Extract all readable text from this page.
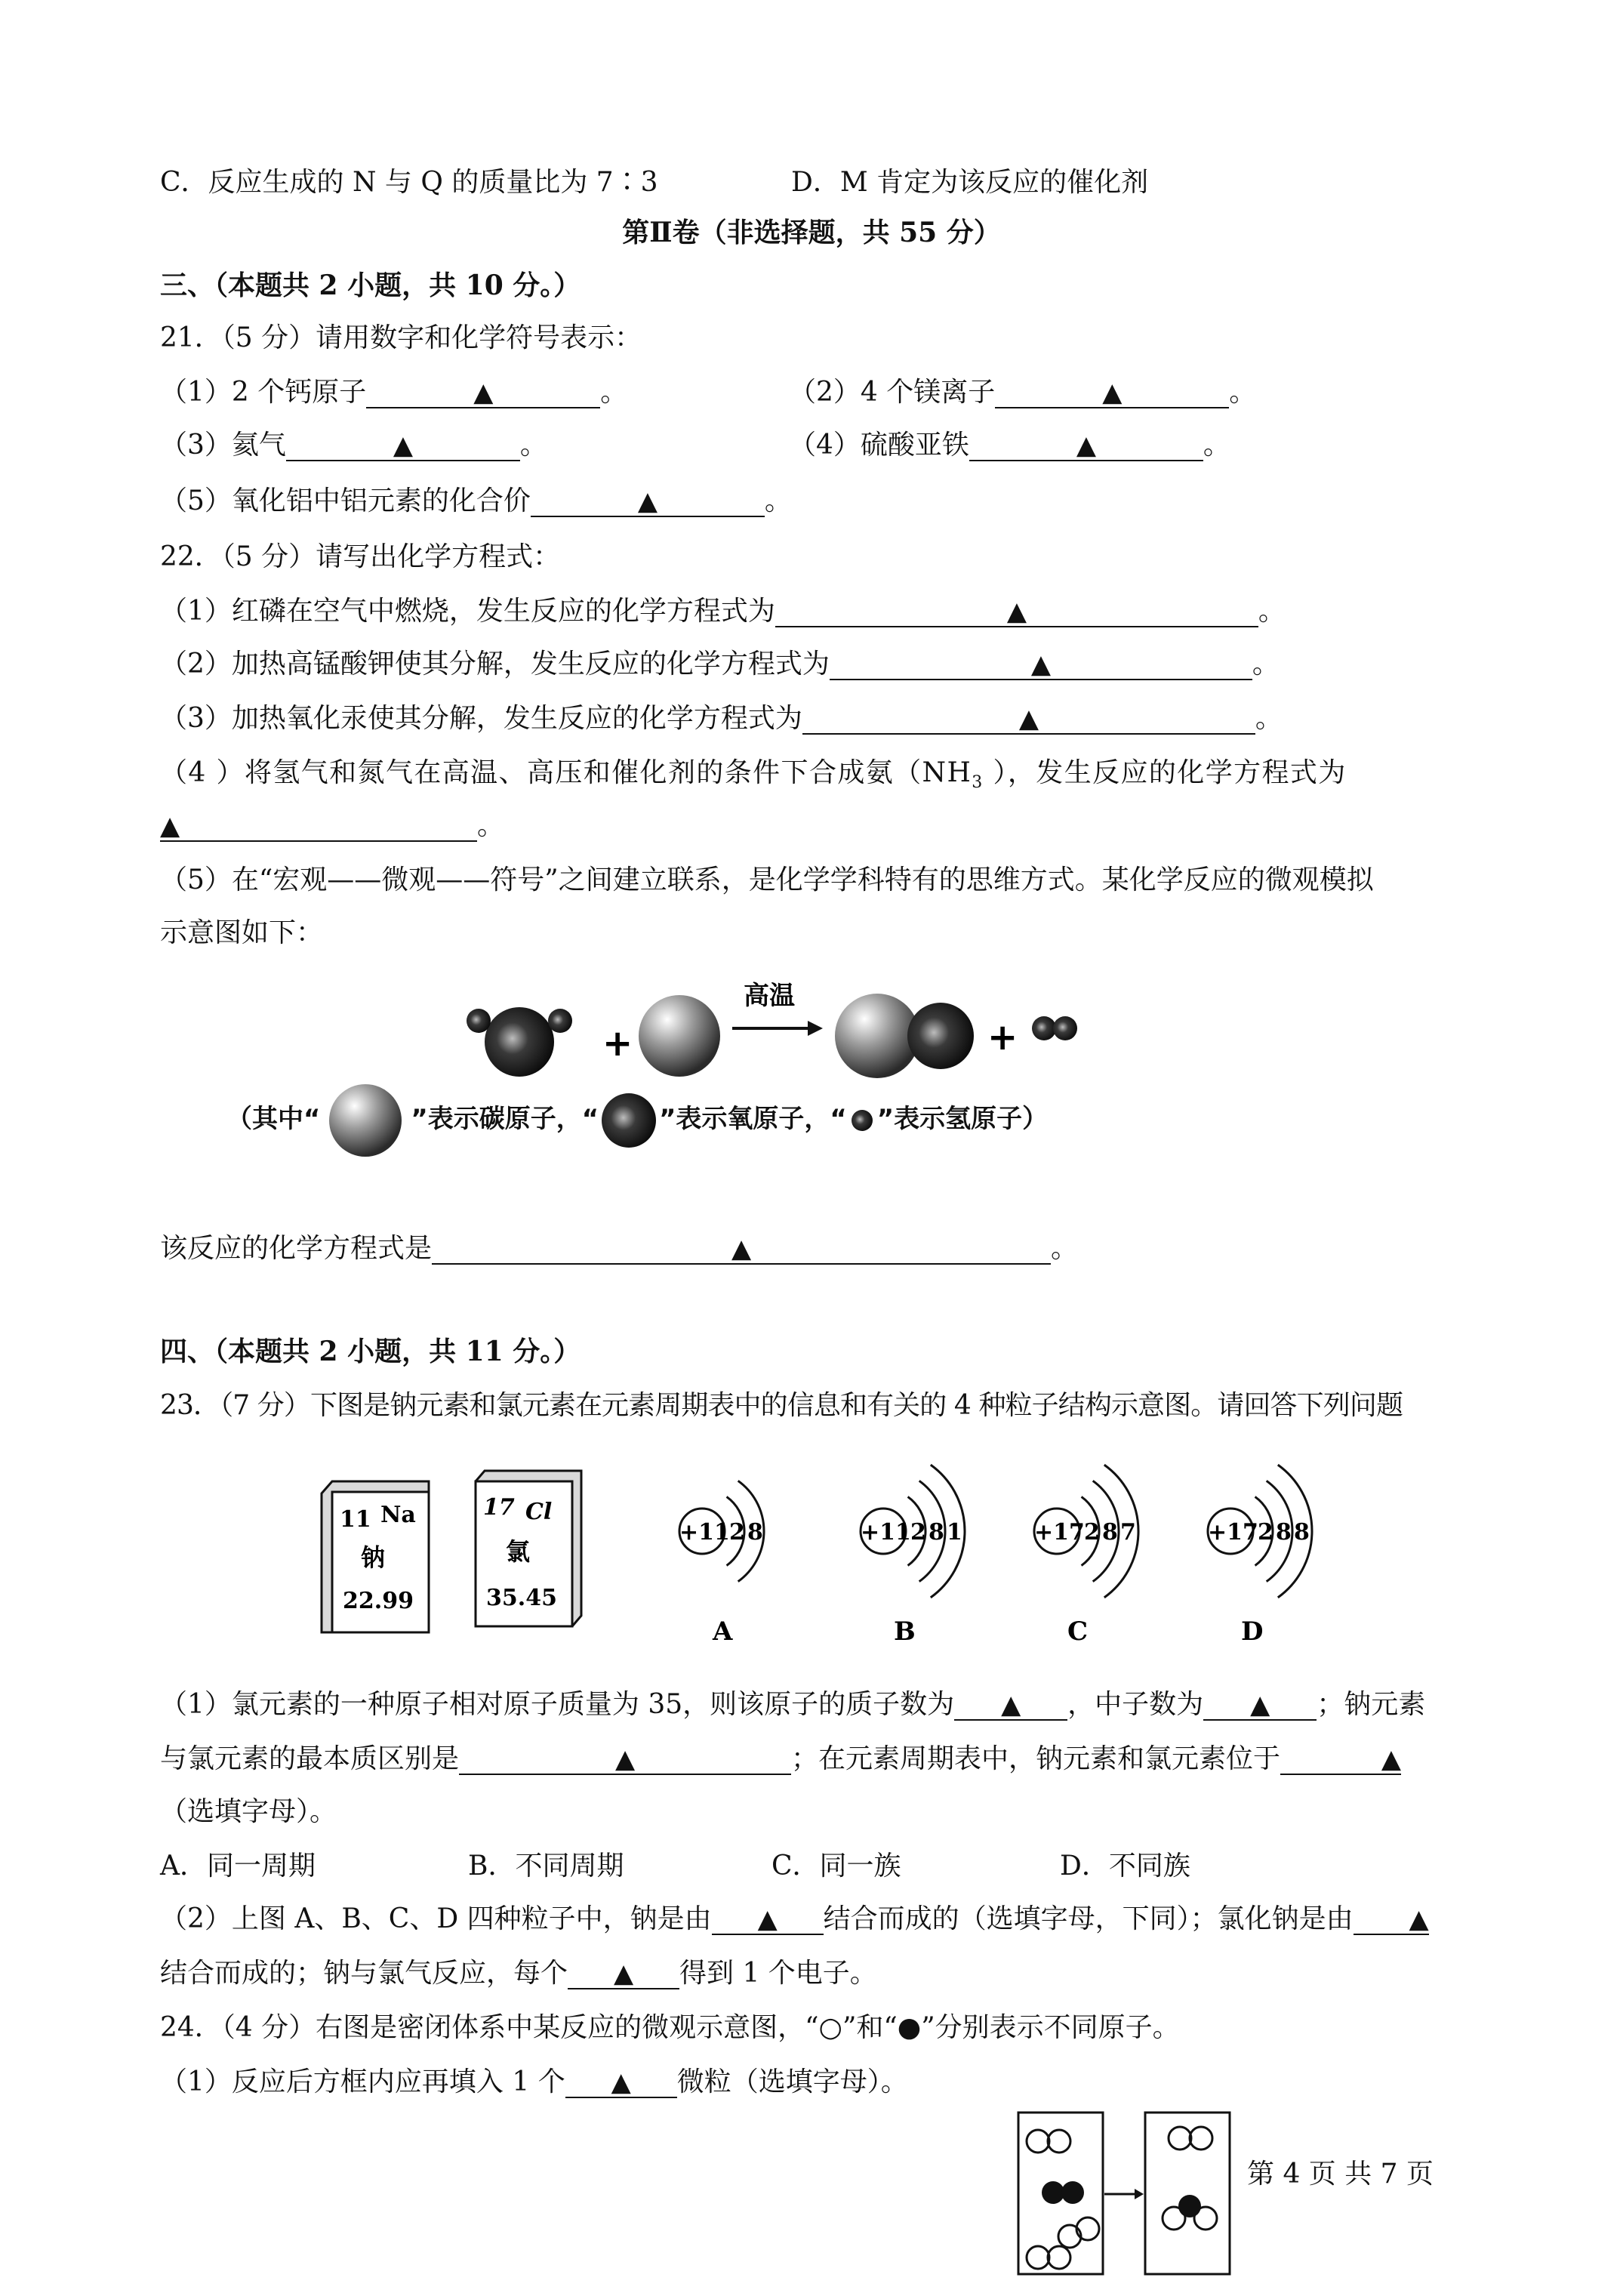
C．反应生成的 N 与 Q 的质量比为 7∶3	D．M 肯定为该反应的催化剂
第Ⅱ卷（非选择题，共 55 分）
三、（本题共 2 小题，共 10 分。）
21．（5 分）请用数字和化学符号表示：
（1）2 个钙原子	▲	。	（2）4 个镁离子	▲	。
（3）氦气	▲	。	（4）硫酸亚铁	▲	。
（5）氧化铝中铝元素的化合价	▲	。
22．（5 分）请写出化学方程式：
（1）红磷在空气中燃烧，发生反应的化学方程式为	▲	。
（2）加热高锰酸钾使其分解，发生反应的化学方程式为	▲	。
（3）加热氧化汞使其分解，发生反应的化学方程式为	▲	。
（4 ）将氢气和氮气在高温、高压和催化剂的条件下合成氨（$NH_3$ ），发生反应的化学方程式为
▲	。
（5）在“宏观——微观——符号”之间建立联系，是化学学科特有的思维方式。某化学反应的微观模拟
示意图如下：
+
高温
+
（其中“	”表示碳原子，“ ”表示氧原子，“ ”表示氢原子）
该反应的化学方程式是	▲	。
四、（本题共 2 小题，共 11 分。）
23．（7 分）下图是钠元素和氯元素在元素周期表中的信息和有关的 4 种粒子结构示意图。请回答下列问题
11 Na
钠
22.99
17 Cl
氯
35.45
+11 2 8
A
+11 2 8 1
B
+17 2 8 7
C
+17 2 8 8
D
（1）氯元素的一种原子相对原子质量为 35，则该原子的质子数为 ▲ ，中子数为 ▲ ；钠元素
与氯元素的最本质区别是	▲	；在元素周期表中，钠元素和氯元素位于	▲
（选填字母）。
A．同一周期	B．不同周期	C．同一族	D．不同族
（2）上图 A、B、C、D 四种粒子中，钠是由 ▲ 结合而成的（选填字母，下同）；氯化钠是由 ▲
结合而成的；钠与氯气反应，每个 ▲ 得到 1 个电子。
24．（4 分）右图是密闭体系中某反应的微观示意图，“○”和“●”分别表示不同原子。
（1）反应后方框内应再填入 1 个 ▲ 微粒（选填字母）。
第 4 页 共 7 页
